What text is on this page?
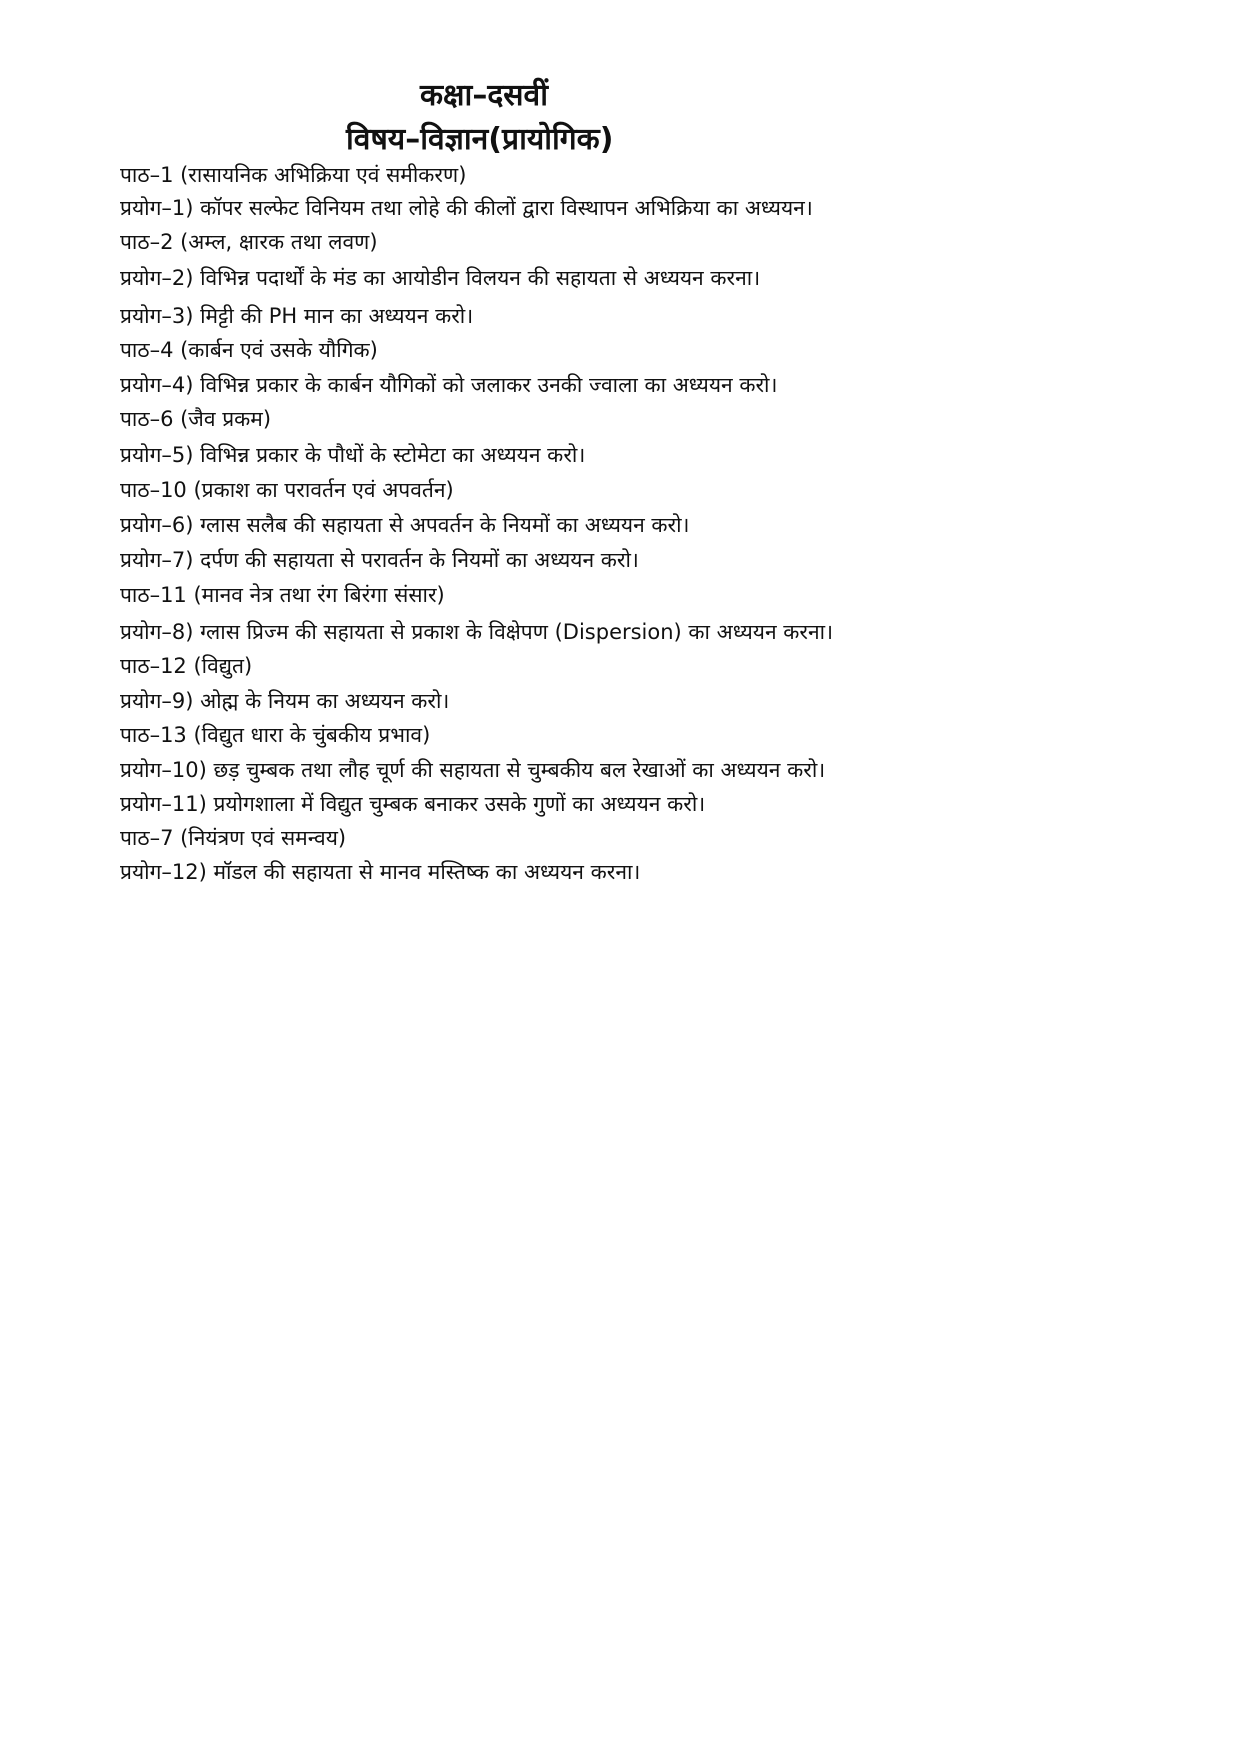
कक्षा–दसवीं
विषय–विज्ञान(प्रायोगिक)
पाठ–1 (रासायनिक अभिक्रिया एवं समीकरण)
प्रयोग–1) कॉपर सल्फेट विनियम तथा लोहे की कीलों द्वारा विस्थापन अभिक्रिया का अध्ययन।
पाठ–2 (अम्ल, क्षारक तथा लवण)
प्रयोग–2) विभिन्न पदार्थों के मंड का आयोडीन विलयन की सहायता से अध्ययन करना।
प्रयोग–3) मिट्टी की PH मान का अध्ययन करो।
पाठ–4 (कार्बन एवं उसके यौगिक)
प्रयोग–4) विभिन्न प्रकार के कार्बन यौगिकों को जलाकर उनकी ज्वाला का अध्ययन करो।
पाठ–6 (जैव प्रकम)
प्रयोग–5) विभिन्न प्रकार के पौधों के स्टोमेटा का अध्ययन करो।
पाठ–10 (प्रकाश का परावर्तन एवं अपवर्तन)
प्रयोग–6) ग्लास सलैब की सहायता से अपवर्तन के नियमों का अध्ययन करो।
प्रयोग–7) दर्पण की सहायता से परावर्तन के नियमों का अध्ययन करो।
पाठ–11 (मानव नेत्र तथा रंग बिरंगा संसार)
प्रयोग–8) ग्लास प्रिज्म की सहायता से प्रकाश के विक्षेपण (Dispersion) का अध्ययन करना।
पाठ–12 (विद्युत)
प्रयोग–9) ओह्म के नियम का अध्ययन करो।
पाठ–13 (विद्युत धारा के चुंबकीय प्रभाव)
प्रयोग–10) छड़ चुम्बक तथा लौह चूर्ण की सहायता से चुम्बकीय बल रेखाओं का अध्ययन करो।
प्रयोग–11) प्रयोगशाला में विद्युत चुम्बक बनाकर उसके गुणों का अध्ययन करो।
पाठ–7 (नियंत्रण एवं समन्वय)
प्रयोग–12) मॉडल की सहायता से मानव मस्तिष्क का अध्ययन करना।
